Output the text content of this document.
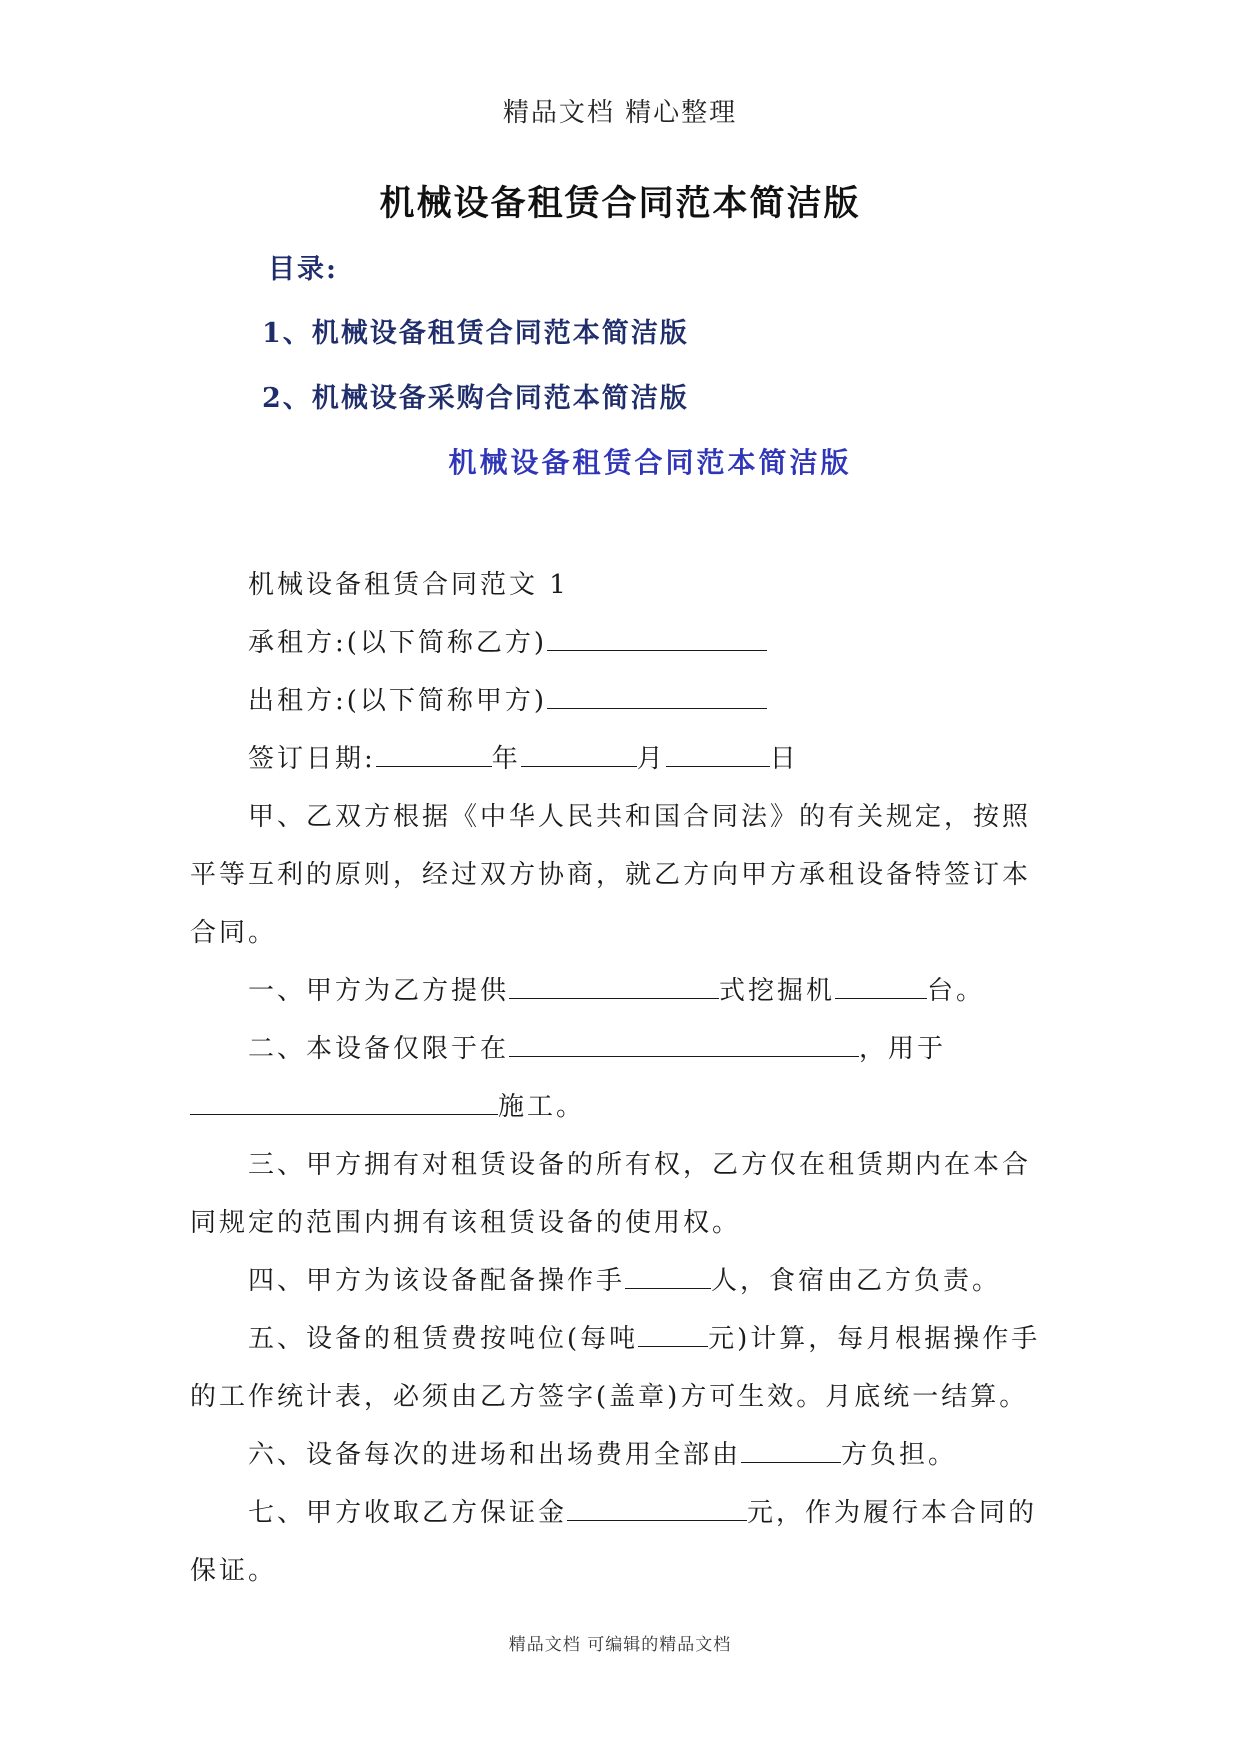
精品文档 精心整理
机械设备租赁合同范本简洁版
目录:
1、机械设备租赁合同范本简洁版
2、机械设备采购合同范本简洁版
机械设备租赁合同范本简洁版

机械设备租赁合同范文 1

承租方:(以下简称乙方)

出租方:(以下简称甲方)

签订日期:	年	月	日

甲、乙双方根据《中华人民共和国合同法》的有关规定，按照

平等互利的原则，经过双方协商，就乙方向甲方承租设备特签订本

合同。

一、甲方为乙方提供	式挖掘机	台。

二、本设备仅限于在	，用于

施工。

三、甲方拥有对租赁设备的所有权，乙方仅在租赁期内在本合

同规定的范围内拥有该租赁设备的使用权。

四、甲方为该设备配备操作手	人，食宿由乙方负责。

五、设备的租赁费按吨位(每吨	元)计算，每月根据操作手

的工作统计表，必须由乙方签字(盖章)方可生效。月底统一结算。

六、设备每次的进场和出场费用全部由	方负担。

七、甲方收取乙方保证金	元，作为履行本合同的

保证。

精品文档 可编辑的精品文档
